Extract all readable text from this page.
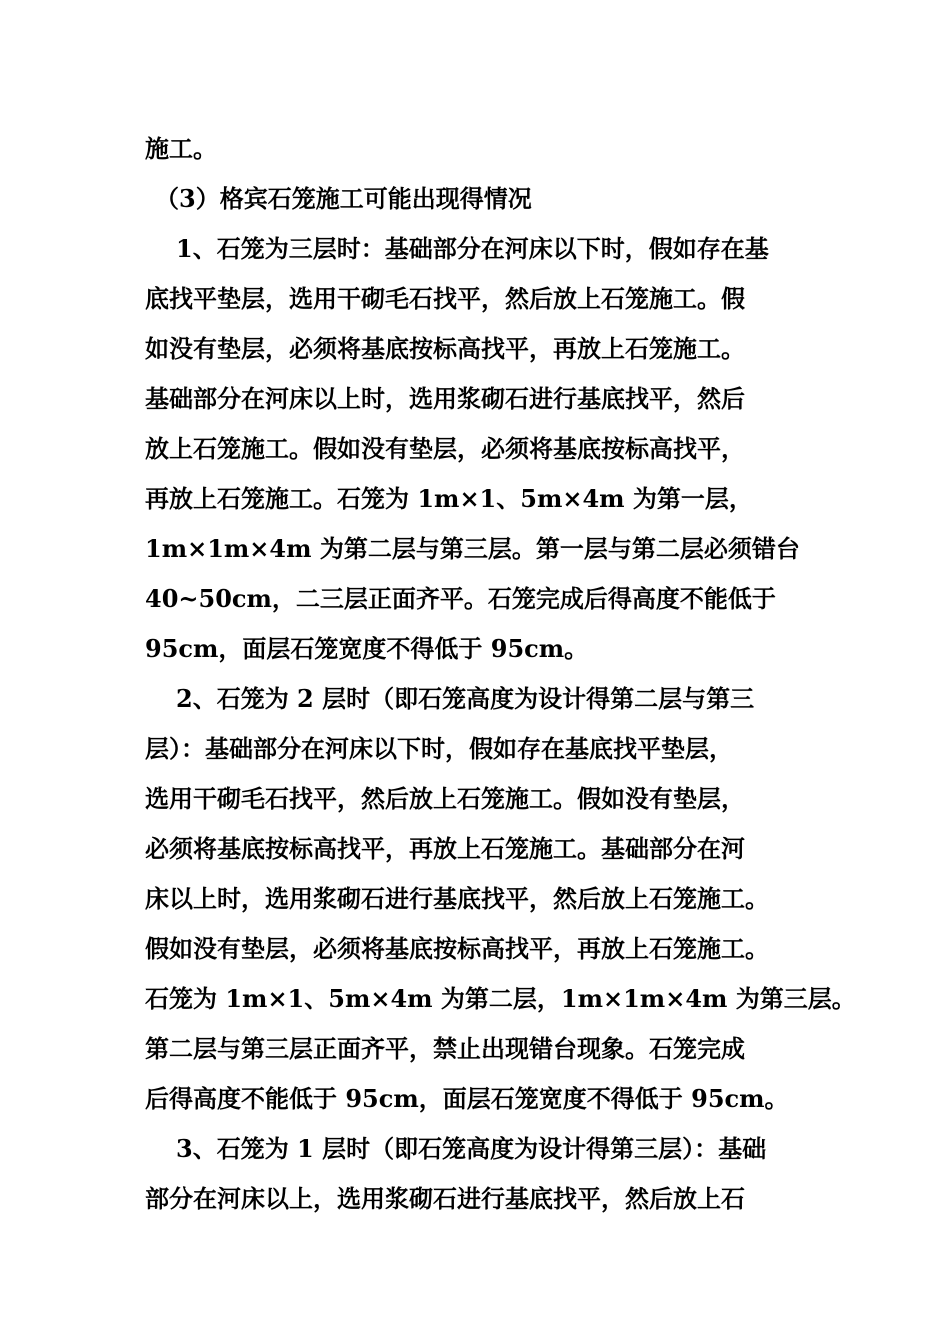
施工。
（3）格宾石笼施工可能出现得情况
1、石笼为三层时：基础部分在河床以下时，假如存在基
底找平垫层，选用干砌毛石找平，然后放上石笼施工。假
如没有垫层，必须将基底按标高找平，再放上石笼施工。
基础部分在河床以上时，选用浆砌石进行基底找平，然后
放上石笼施工。假如没有垫层，必须将基底按标高找平，
再放上石笼施工。石笼为 1m×1、5m×4m 为第一层，
1m×1m×4m 为第二层与第三层。第一层与第二层必须错台
40~50cm，二三层正面齐平。石笼完成后得高度不能低于
95cm，面层石笼宽度不得低于 95cm。
2、石笼为 2 层时（即石笼高度为设计得第二层与第三
层）：基础部分在河床以下时，假如存在基底找平垫层，
选用干砌毛石找平，然后放上石笼施工。假如没有垫层，
必须将基底按标高找平，再放上石笼施工。基础部分在河
床以上时，选用浆砌石进行基底找平，然后放上石笼施工。
假如没有垫层，必须将基底按标高找平，再放上石笼施工。
石笼为 1m×1、5m×4m 为第二层，1m×1m×4m 为第三层。
第二层与第三层正面齐平，禁止出现错台现象。石笼完成
后得高度不能低于 95cm，面层石笼宽度不得低于 95cm。
3、石笼为 1 层时（即石笼高度为设计得第三层）：基础
部分在河床以上，选用浆砌石进行基底找平，然后放上石
